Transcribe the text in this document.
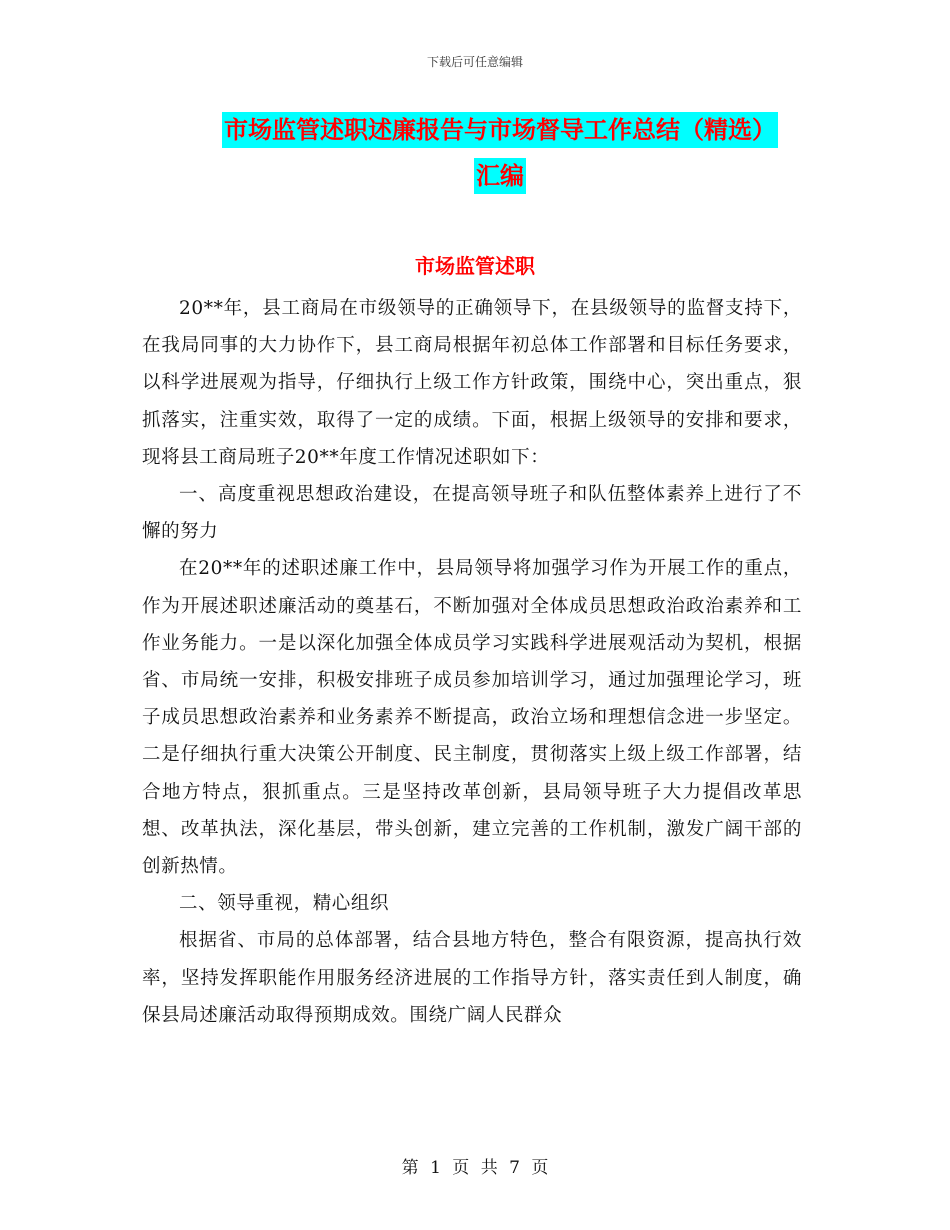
下载后可任意编辑
市场监管述职述廉报告与市场督导工作总结（精选）
汇编
市场监管述职

20**年，县工商局在市级领导的正确领导下，在县级领导的监督支持下，在我局同事的大力协作下，县工商局根据年初总体工作部署和目标任务要求，以科学进展观为指导，仔细执行上级工作方针政策，围绕中心，突出重点，狠抓落实，注重实效，取得了一定的成绩。下面，根据上级领导的安排和要求，现将县工商局班子20**年度工作情况述职如下：

一、高度重视思想政治建设，在提高领导班子和队伍整体素养上进行了不懈的努力

在20**年的述职述廉工作中，县局领导将加强学习作为开展工作的重点，作为开展述职述廉活动的奠基石，不断加强对全体成员思想政治政治素养和工作业务能力。一是以深化加强全体成员学习实践科学进展观活动为契机，根据省、市局统一安排，积极安排班子成员参加培训学习，通过加强理论学习，班子成员思想政治素养和业务素养不断提高，政治立场和理想信念进一步坚定。二是仔细执行重大决策公开制度、民主制度，贯彻落实上级上级工作部署，结合地方特点，狠抓重点。三是坚持改革创新，县局领导班子大力提倡改革思想、改革执法，深化基层，带头创新，建立完善的工作机制，激发广阔干部的创新热情。

二、领导重视，精心组织

根据省、市局的总体部署，结合县地方特色，整合有限资源，提高执行效率，坚持发挥职能作用服务经济进展的工作指导方针，落实责任到人制度，确保县局述廉活动取得预期成效。围绕广阔人民群众

第 1 页 共 7 页
